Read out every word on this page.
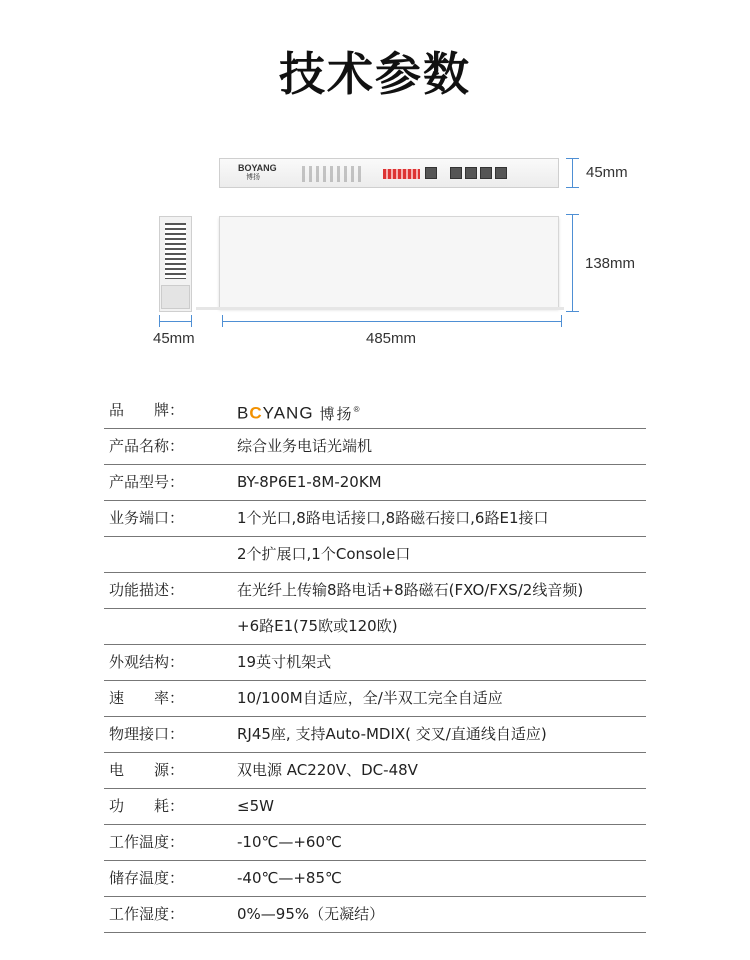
技术参数
BOYANG
博扬	45mm
138mm
45mm	485mm
品　　牌：	BCYANG 博扬®
产品名称：	综合业务电话光端机
产品型号：	BY-8P6E1-8M-20KM
业务端口：	1个光口,8路电话接口,8路磁石接口,6路E1接口
2个扩展口,1个Console口
功能描述：	在光纤上传输8路电话+8路磁石(FXO/FXS/2线音频)
+6路E1(75欧或120欧)
外观结构：	19英寸机架式
速　　率：	10/100M自适应，全/半双工完全自适应
物理接口：	RJ45座, 支持Auto-MDIX( 交叉/直通线自适应)
电　　源：	双电源 AC220V、DC-48V
功　　耗：	≤5W
工作温度：	-10℃—+60℃
储存温度：	-40℃—+85℃
工作湿度：	0%—95%（无凝结）
